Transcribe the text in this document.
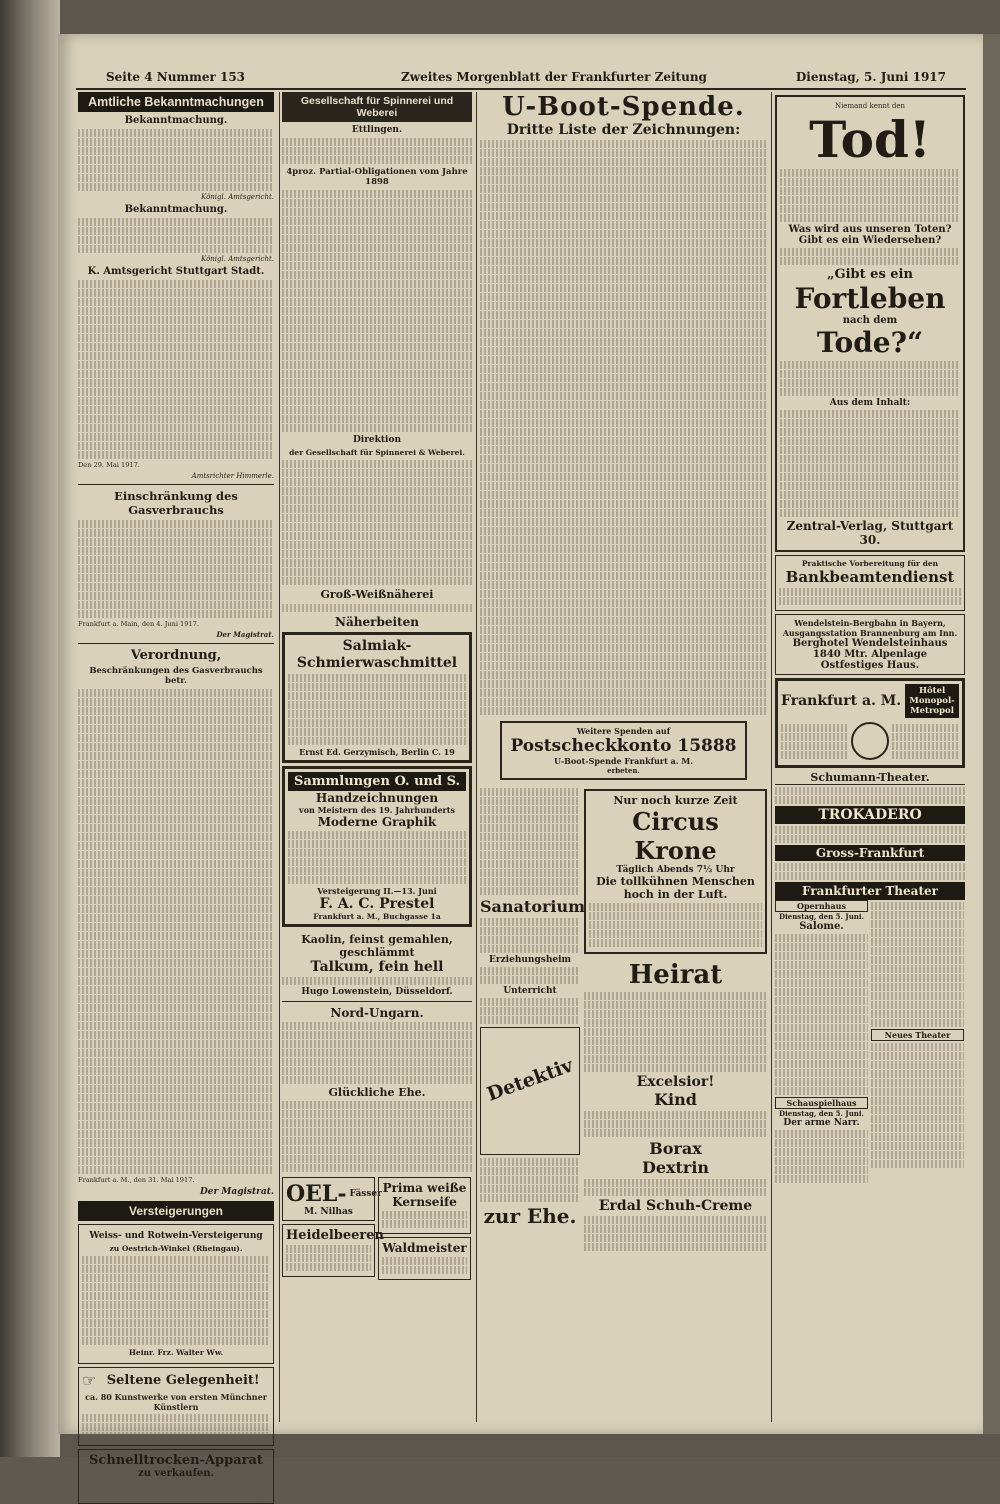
Seite 4 Nummer 153	Zweites Morgenblatt der Frankfurter Zeitung	Dienstag, 5. Juni 1917
Amtliche Bekanntmachungen
Bekanntmachung.
Königl. Amtsgericht.
Bekanntmachung.
Königl. Amtsgericht.
K. Amtsgericht Stuttgart Stadt.
Den 29. Mai 1917.
Amtsrichter Himmerle.
Einschränkung des Gasverbrauchs
Frankfurt a. Main, den 4. Juni 1917.
Der Magistrat.
Verordnung,
Beschränkungen des Gasverbrauchs betr.
Frankfurt a. M., den 31. Mai 1917.
Der Magistrat.
Versteigerungen
Weiss- und Rotwein-Versteigerung
zu Oestrich-Winkel (Rheingau).
Heinr. Frz. Walter Ww.
☞ Seltene Gelegenheit!
ca. 80 Kunstwerke von ersten Münchner Künstlern
Schnelltrocken-Apparat
zu verkaufen.
Gesellschaft für Spinnerei und Weberei
Ettlingen.
4proz. Partial-Obligationen vom Jahre 1898
Direktion
der Gesellschaft für Spinnerei & Weberei.
Groß-Weißnäherei
Näherbeiten
Salmiak-Schmierwaschmittel
Ernst Ed. Gerzymisch, Berlin C. 19
Sammlungen O. und S.
Handzeichnungen
von Meistern des 19. Jahrhunderts
Moderne Graphik
Versteigerung II.—13. Juni
F. A. C. Prestel
Frankfurt a. M., Buchgasse 1a
Kaolin, feinst gemahlen, geschlämmt
Talkum, fein hell
Hugo Lowenstein, Düsseldorf.
Nord-Ungarn.
Glückliche Ehe.
OEL- Fässer
M. Nilhas
Heidelbeeren
Prima weiße Kernseife
Waldmeister
U-Boot-Spende.
Dritte Liste der Zeichnungen:
Weitere Spenden auf
Postscheckkonto 15888
U-Boot-Spende Frankfurt a. M.
erbeten.
Sanatorium
Erziehungsheim
Unterricht
Detektiv
zur Ehe.
Nur noch kurze Zeit
Circus Krone
Täglich Abends 7½ Uhr
Die tollkühnen Menschen hoch in der Luft.
Heirat
Excelsior!
Kind
Borax
Dextrin
Erdal Schuh-Creme
Niemand kennt den
Tod!
Was wird aus unseren Toten?
Gibt es ein Wiedersehen?
„Gibt es ein
Fortleben
nach dem
Tode?“
Aus dem Inhalt:
Zentral-Verlag, Stuttgart 30.
Praktische Vorbereitung für den
Bankbeamtendienst
Wendelstein-Bergbahn in Bayern,
Ausgangsstation Brannenburg am Inn.
Berghotel Wendelsteinhaus
1840 Mtr. Alpenlage
Ostfestiges Haus.
Frankfurt a. M.
Hôtel Monopol-Metropol
Schumann-Theater.
TROKADERO
Gross-Frankfurt
Frankfurter Theater
Opernhaus
Dienstag, den 5. Juni.
Salome.
Schauspielhaus
Dienstag, den 5. Juni.
Der arme Narr.
Neues Theater
